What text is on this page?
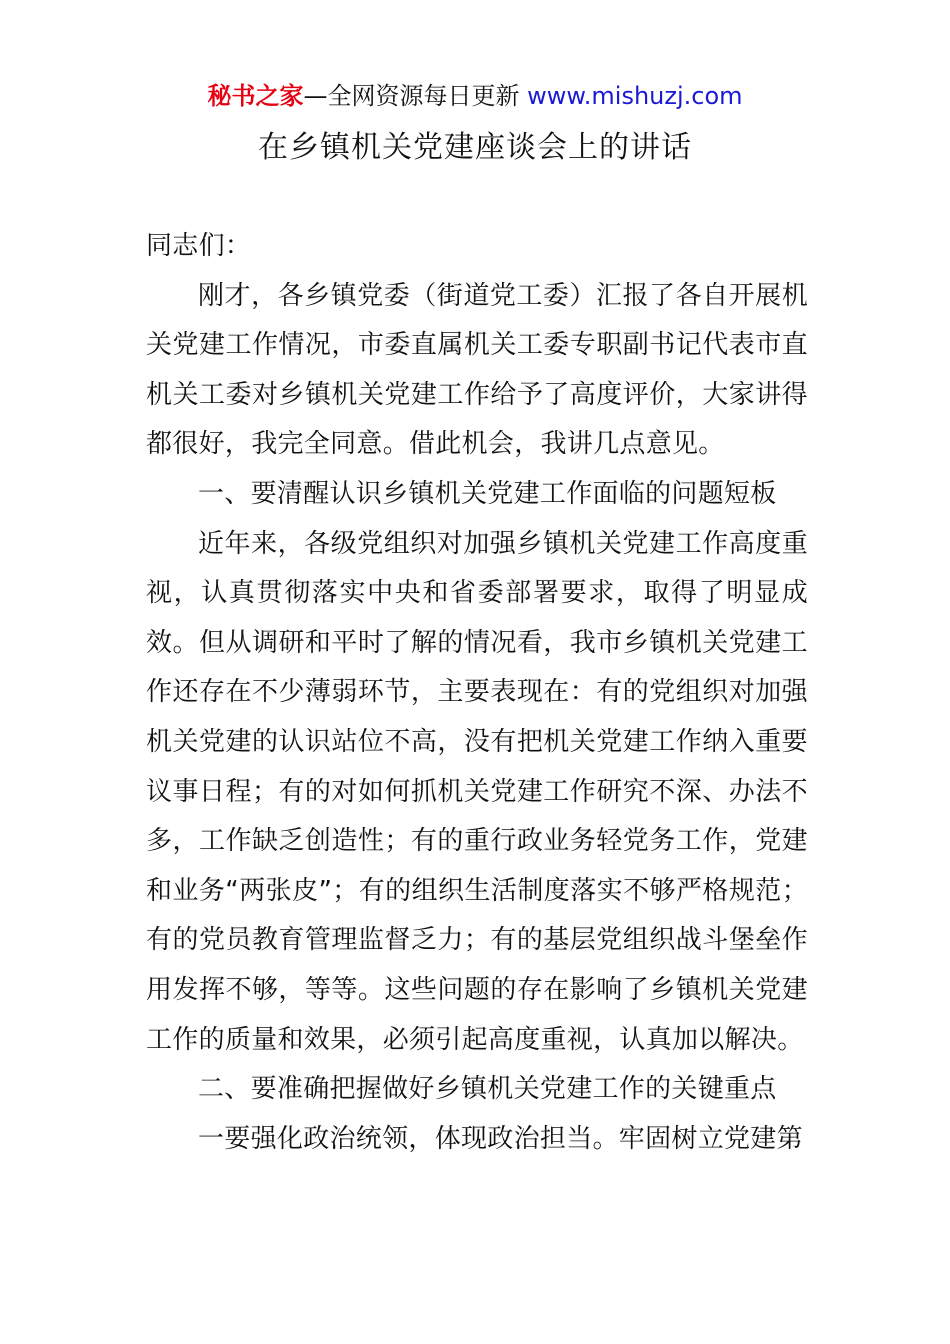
秘书之家—全网资源每日更新 www.mishuzj.com
在乡镇机关党建座谈会上的讲话

同志们：

刚才，各乡镇党委（街道党工委）汇报了各自开展机关党建工作情况，市委直属机关工委专职副书记代表市直机关工委对乡镇机关党建工作给予了高度评价，大家讲得都很好，我完全同意。借此机会，我讲几点意见。

一、要清醒认识乡镇机关党建工作面临的问题短板

近年来，各级党组织对加强乡镇机关党建工作高度重视，认真贯彻落实中央和省委部署要求，取得了明显成效。但从调研和平时了解的情况看，我市乡镇机关党建工作还存在不少薄弱环节，主要表现在：有的党组织对加强机关党建的认识站位不高，没有把机关党建工作纳入重要议事日程；有的对如何抓机关党建工作研究不深、办法不多，工作缺乏创造性；有的重行政业务轻党务工作，党建和业务“两张皮”；有的组织生活制度落实不够严格规范；有的党员教育管理监督乏力；有的基层党组织战斗堡垒作用发挥不够，等等。这些问题的存在影响了乡镇机关党建工作的质量和效果，必须引起高度重视，认真加以解决。

二、要准确把握做好乡镇机关党建工作的关键重点

一要强化政治统领，体现政治担当。牢固树立党建第
